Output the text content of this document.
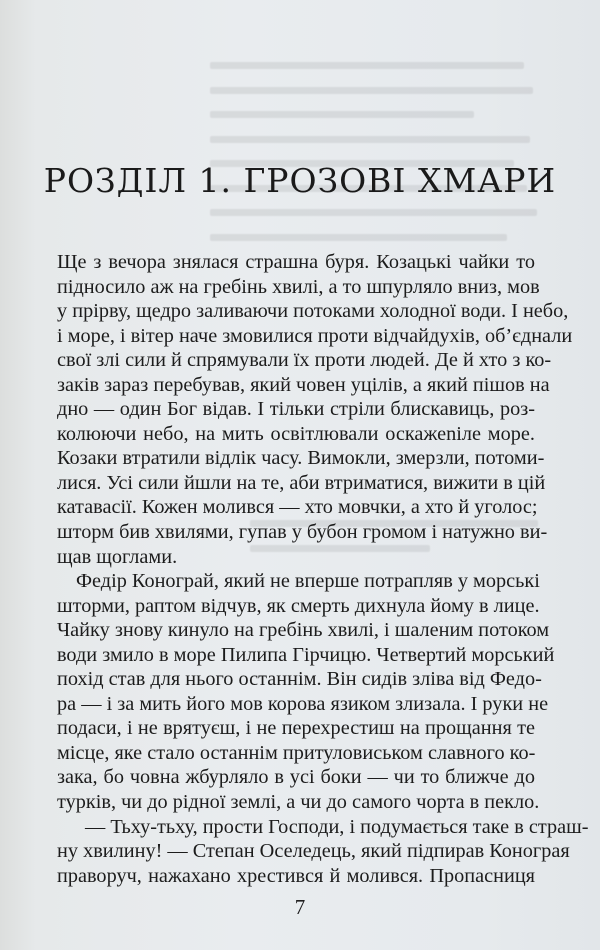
РОЗДІЛ 1. ГРОЗОВІ ХМАРИ
Ще з вечора знялася страшна буря. Козацькі чайки то
підносило аж на гребінь хвилі, а то шпурляло вниз, мов
у прірву, щедро заливаючи потоками холодної води. І небо,
і море, і вітер наче змовилися проти відчайдухів, об’єднали
свої злі сили й спрямували їх проти людей. Де й хто з ко-
заків зараз перебував, який човен уцілів, а який пішов на
дно — один Бог відав. І тільки стріли блискавиць, роз-
колюючи небо, на мить освітлювали оскажеnіле море.
Козаки втратили відлік часу. Вимокли, змерзли, потоми-
лися. Усі сили йшли на те, аби втриматися, вижити в цій
катавасії. Кожен молився — хто мовчки, а хто й уголос;
шторм бив хвилями, гупав у бубон громом і натужно ви-
щав щоглами.
Федір Конограй, який не вперше потрапляв у морські
шторми, раптом відчув, як смерть дихнула йому в лице.
Чайку знову кинуло на гребінь хвилі, і шаленим потоком
води змило в море Пилипа Гірчицю. Четвертий морський
похід став для нього останнім. Він сидів зліва від Федо-
ра — і за мить його мов корова язиком злизала. І руки не
подаси, і не врятуєш, і не перехрестиш на прощання те
місце, яке стало останнім притуловиськом славного ко-
зака, бо човна жбурляло в усі боки — чи то ближче до
турків, чи до рідної землі, а чи до самого чорта в пекло.
— Тьху-тьху, прости Господи, і подумається таке в страш-
ну хвилину! — Степан Оселедець, який підпирав Конограя
праворуч, нажахано хрестився й молився. Пропасниця
7
